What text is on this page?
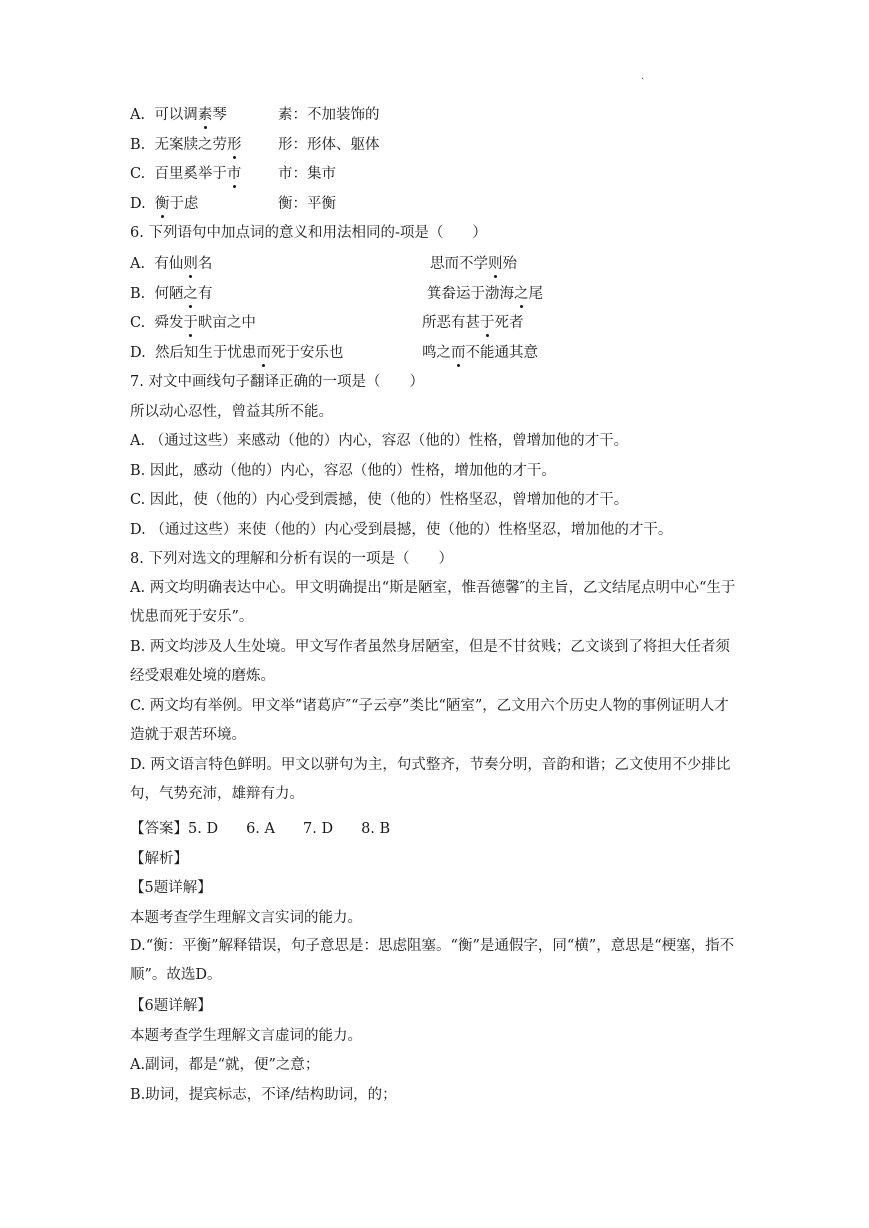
·
A. 可以调素琴	素：不加装饰的
B. 无案牍之劳形	形：形体、躯体
C. 百里奚举于市	市：集市
D. 衡于虑	衡：平衡
6. 下列语句中加点词的意义和用法相同的-项是（　　）
A. 有仙则名	思而不学则殆
B. 何陋之有	箕畚运于渤海之尾
C. 舜发于畎亩之中	所恶有甚于死者
D. 然后知生于忧患而死于安乐也	鸣之而不能通其意
7. 对文中画线句子翻译正确的一项是（　　）
所以动心忍性，曾益其所不能。
A. （通过这些）来感动（他的）内心，容忍（他的）性格，曾增加他的才干。
B. 因此，感动（他的）内心，容忍（他的）性格，增加他的才干。
C. 因此，使（他的）内心受到震撼，使（他的）性格坚忍，曾增加他的才干。
D. （通过这些）来使（他的）内心受到晨撼，使（他的）性格坚忍，增加他的才干。
8. 下列对选文的理解和分析有误的一项是（　　）
A. 两文均明确表达中心。甲文明确提出“斯是陋室，惟吾德馨″的主旨，乙文结尾点明中心“生于忧患而死于安乐”。
B. 两文均涉及人生处境。甲文写作者虽然身居陋室，但是不甘贫贱；乙文谈到了将担大任者须经受艰难处境的磨炼。
C. 两文均有举例。甲文举“诸葛庐″“子云亭”类比“陋室”，乙文用六个历史人物的事例证明人才造就于艰苦环境。
D. 两文语言特色鲜明。甲文以骈句为主，句式整齐，节奏分明，音韵和谐；乙文使用不少排比句，气势充沛，雄辩有力。
【答案】5. D 6. A 7. D 8. B
【解析】
【5题详解】
本题考查学生理解文言实词的能力。
D.“衡：平衡”解释错误，句子意思是：思虑阻塞。“衡”是通假字，同“横”，意思是“梗塞，指不顺”。故选D。
【6题详解】
本题考查学生理解文言虚词的能力。
A.副词，都是“就，便”之意；
B.助词，提宾标志，不译/结构助词，的；
